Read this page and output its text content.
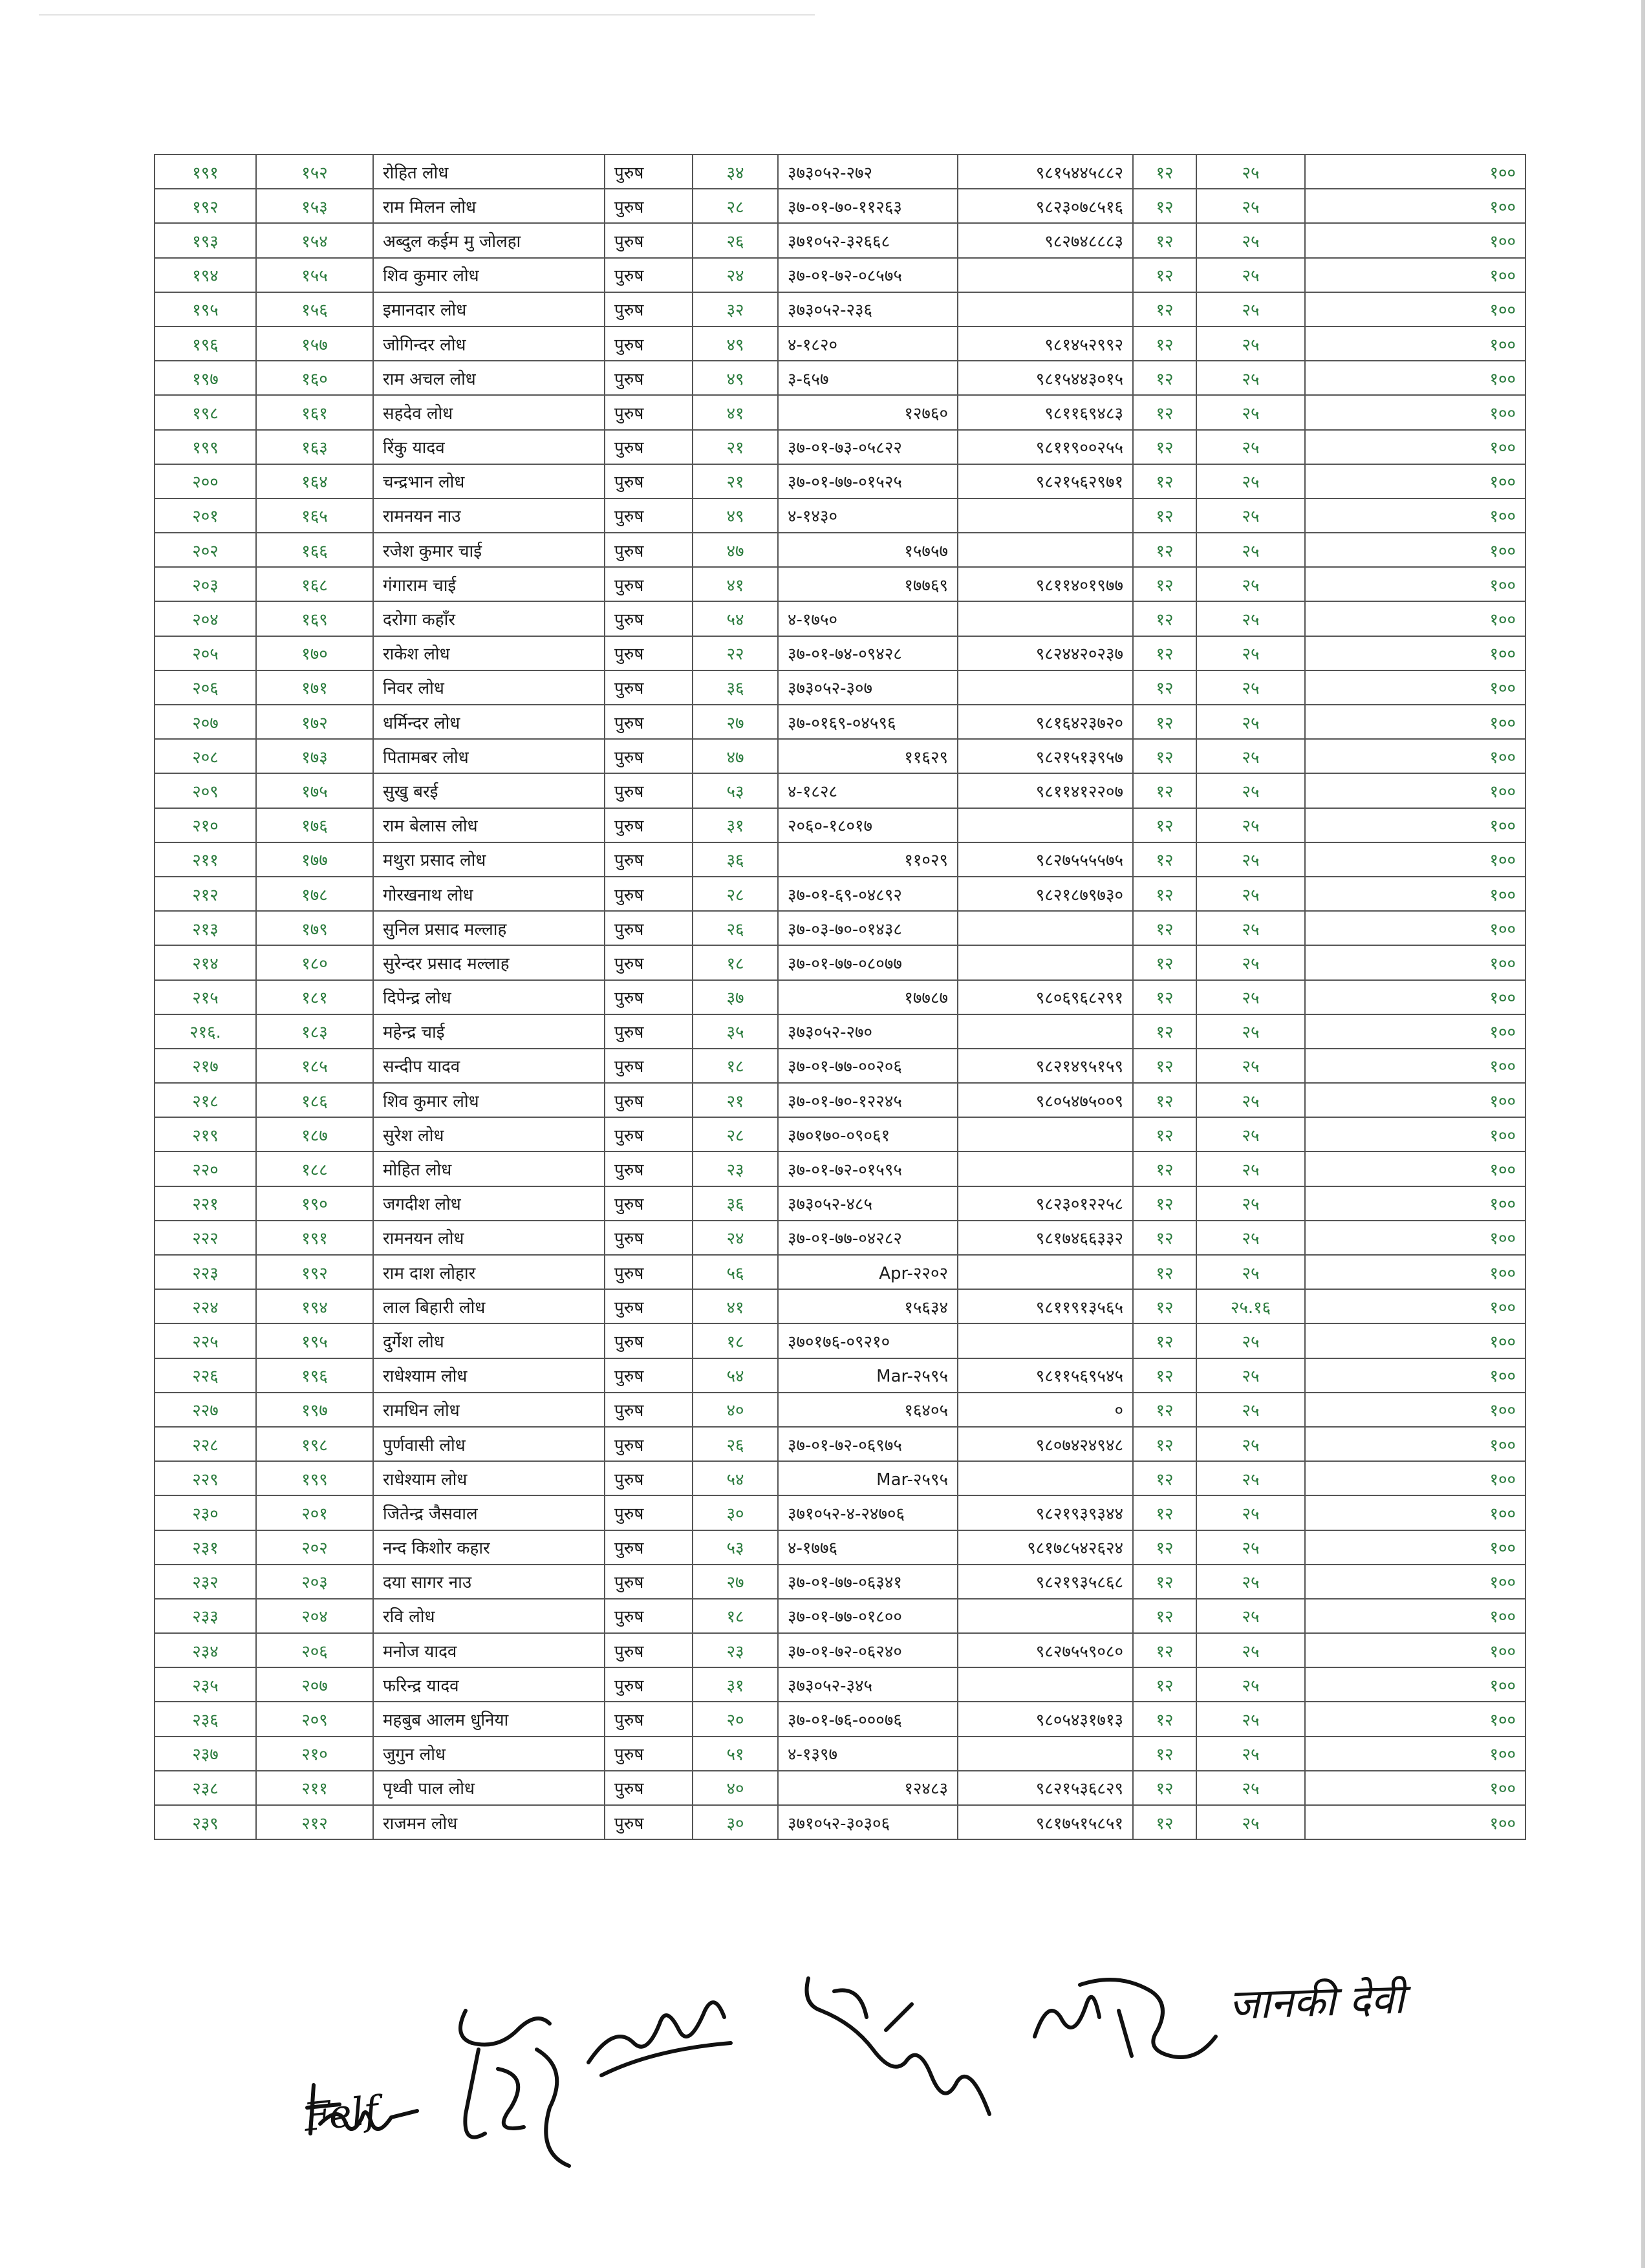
१९१	१५२	रोहित लोध	पुरुष	३४	३७३०५२-२७२	९८१५४४५८८२	१२	२५	१००
१९२	१५३	राम मिलन लोध	पुरुष	२८	३७-०१-७०-११२६३	९८२३०७८५१६	१२	२५	१००
१९३	१५४	अब्दुल कईम मु जोलहा	पुरुष	२६	३७१०५२-३२६६८	९८२७४८८८३	१२	२५	१००
१९४	१५५	शिव कुमार लोध	पुरुष	२४	३७-०१-७२-०८५७५		१२	२५	१००
१९५	१५६	इमानदार लोध	पुरुष	३२	३७३०५२-२३६		१२	२५	१००
१९६	१५७	जोगिन्दर लोध	पुरुष	४९	४-१८२०	९८१४५२९९२	१२	२५	१००
१९७	१६०	राम अचल लोध	पुरुष	४९	३-६५७	९८१५४४३०१५	१२	२५	१००
१९८	१६१	सहदेव लोध	पुरुष	४१	१२७६०	९८११६९४८३	१२	२५	१००
१९९	१६३	रिंकु यादव	पुरुष	२१	३७-०१-७३-०५८२२	९८११९००२५५	१२	२५	१००
२००	१६४	चन्द्रभान लोध	पुरुष	२१	३७-०१-७७-०१५२५	९८२१५६२९७१	१२	२५	१००
२०१	१६५	रामनयन नाउ	पुरुष	४९	४-१४३०		१२	२५	१००
२०२	१६६	रजेश कुमार चाई	पुरुष	४७	१५७५७		१२	२५	१००
२०३	१६८	गंगाराम चाई	पुरुष	४१	१७७६९	९८११४०१९७७	१२	२५	१००
२०४	१६९	दरोगा कहाँर	पुरुष	५४	४-१७५०		१२	२५	१००
२०५	१७०	राकेश लोध	पुरुष	२२	३७-०१-७४-०९४२८	९८२४४२०२३७	१२	२५	१००
२०६	१७१	निवर लोध	पुरुष	३६	३७३०५२-३०७		१२	२५	१००
२०७	१७२	धर्मिन्दर लोध	पुरुष	२७	३७-०१६९-०४५९६	९८१६४२३७२०	१२	२५	१००
२०८	१७३	पितामबर लोध	पुरुष	४७	११६२९	९८२१५१३९५७	१२	२५	१००
२०९	१७५	सुखु बरई	पुरुष	५३	४-१८२८	९८११४१२२०७	१२	२५	१००
२१०	१७६	राम बेलास लोध	पुरुष	३१	२०६०-१८०१७		१२	२५	१००
२११	१७७	मथुरा प्रसाद लोध	पुरुष	३६	११०२९	९८२७५५५५७५	१२	२५	१००
२१२	१७८	गोरखनाथ लोध	पुरुष	२८	३७-०१-६९-०४८९२	९८२१८७९७३०	१२	२५	१००
२१३	१७९	सुनिल प्रसाद मल्लाह	पुरुष	२६	३७-०३-७०-०१४३८		१२	२५	१००
२१४	१८०	सुरेन्दर प्रसाद मल्लाह	पुरुष	१८	३७-०१-७७-०८०७७		१२	२५	१००
२१५	१८१	दिपेन्द्र लोध	पुरुष	३७	१७७८७	९८०६९६८२९१	१२	२५	१००
२१६.	१८३	महेन्द्र चाई	पुरुष	३५	३७३०५२-२७०		१२	२५	१००
२१७	१८५	सन्दीप यादव	पुरुष	१८	३७-०१-७७-००२०६	९८२१४९५१५९	१२	२५	१००
२१८	१८६	शिव कुमार लोध	पुरुष	२१	३७-०१-७०-१२२४५	९८०५४७५००९	१२	२५	१००
२१९	१८७	सुरेश लोध	पुरुष	२८	३७०१७०-०९०६१		१२	२५	१००
२२०	१८८	मोहित लोध	पुरुष	२३	३७-०१-७२-०१५९५		१२	२५	१००
२२१	१९०	जगदीश लोध	पुरुष	३६	३७३०५२-४८५	९८२३०१२२५८	१२	२५	१००
२२२	१९१	रामनयन लोध	पुरुष	२४	३७-०१-७७-०४२८२	९८१७४६६३३२	१२	२५	१००
२२३	१९२	राम दाश लोहार	पुरुष	५६	Apr-२२०२		१२	२५	१००
२२४	१९४	लाल बिहारी लोध	पुरुष	४१	१५६३४	९८११९१३५६५	१२	२५.१६	१००
२२५	१९५	दुर्गेश लोध	पुरुष	१८	३७०१७६-०९२१०		१२	२५	१००
२२६	१९६	राधेश्याम लोध	पुरुष	५४	Mar-२५९५	९८११५६९५४५	१२	२५	१००
२२७	१९७	रामधिन लोध	पुरुष	४०	१६४०५	०	१२	२५	१००
२२८	१९८	पुर्णवासी लोध	पुरुष	२६	३७-०१-७२-०६९७५	९८०७४२४९४८	१२	२५	१००
२२९	१९९	राधेश्याम लोध	पुरुष	५४	Mar-२५९५		१२	२५	१००
२३०	२०१	जितेन्द्र जैसवाल	पुरुष	३०	३७१०५२-४-२४७०६	९८२१९३९३४४	१२	२५	१००
२३१	२०२	नन्द किशोर कहार	पुरुष	५३	४-१७७६	९८१७८५४२६२४	१२	२५	१००
२३२	२०३	दया सागर नाउ	पुरुष	२७	३७-०१-७७-०६३४१	९८२१९३५८६८	१२	२५	१००
२३३	२०४	रवि लोध	पुरुष	१८	३७-०१-७७-०१८००		१२	२५	१००
२३४	२०६	मनोज यादव	पुरुष	२३	३७-०१-७२-०६२४०	९८२७५५९०८०	१२	२५	१००
२३५	२०७	फरिन्द्र यादव	पुरुष	३१	३७३०५२-३४५		१२	२५	१००
२३६	२०९	महबुब आलम धुनिया	पुरुष	२०	३७-०१-७६-०००७६	९८०५४३१७१३	१२	२५	१००
२३७	२१०	जुगुन लोध	पुरुष	५१	४-१३९७		१२	२५	१००
२३८	२११	पृथ्वी पाल लोध	पुरुष	४०	१२४८३	९८२१५३६८२९	१२	२५	१००
२३९	२१२	राजमन लोध	पुरुष	३०	३७१०५२-३०३०६	९८१७५१५८५१	१२	२५	१००
जानकी देवी
Felf
